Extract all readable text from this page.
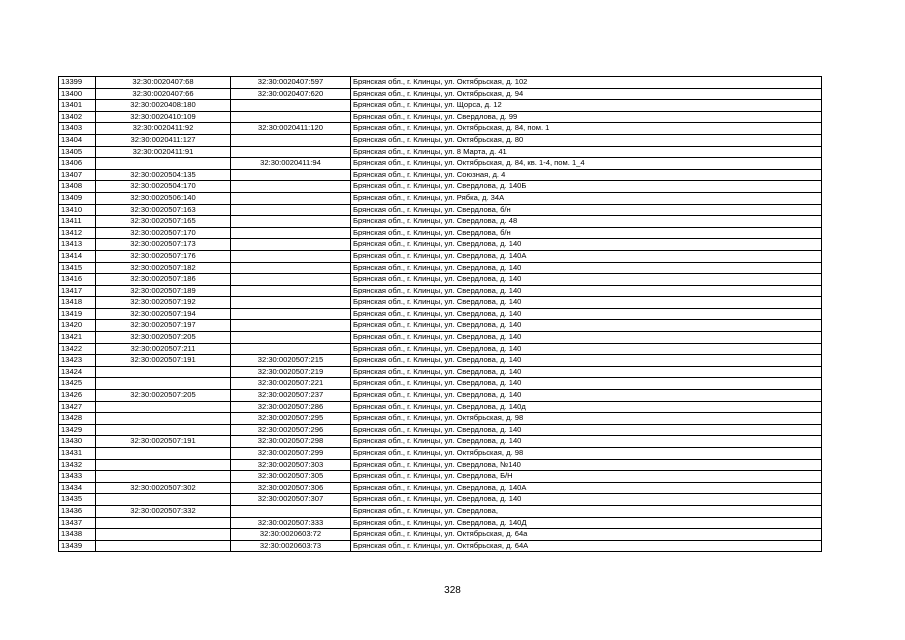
13399	32:30:0020407:68	32:30:0020407:597	Брянская обл., г. Клинцы, ул. Октябрьская, д. 102
13400	32:30:0020407:66	32:30:0020407:620	Брянская обл., г. Клинцы, ул. Октябрьская, д. 94
13401	32:30:0020408:180		Брянская обл., г. Клинцы, ул. Щорса, д. 12
13402	32:30:0020410:109		Брянская обл., г. Клинцы, ул. Свердлова, д. 99
13403	32:30:0020411:92	32:30:0020411:120	Брянская обл., г. Клинцы, ул. Октябрьская, д. 84, пом. 1
13404	32:30:0020411:127		Брянская обл., г. Клинцы, ул. Октябрьская, д. 80
13405	32:30:0020411:91		Брянская обл., г. Клинцы, ул. 8 Марта, д. 41
13406		32:30:0020411:94	Брянская обл., г. Клинцы, ул. Октябрьская, д. 84, кв. 1-4, пом. 1_4
13407	32:30:0020504:135		Брянская обл., г. Клинцы, ул. Союзная, д. 4
13408	32:30:0020504:170		Брянская обл., г. Клинцы, ул. Свердлова, д. 140Б
13409	32:30:0020506:140		Брянская обл., г. Клинцы, ул. Рябка, д. 34А
13410	32:30:0020507:163		Брянская обл., г. Клинцы, ул. Свердлова, б/н
13411	32:30:0020507:165		Брянская обл., г. Клинцы, ул. Свердлова, д. 48
13412	32:30:0020507:170		Брянская обл., г. Клинцы, ул. Свердлова, б/н
13413	32:30:0020507:173		Брянская обл., г. Клинцы, ул. Свердлова, д. 140
13414	32:30:0020507:176		Брянская обл., г. Клинцы, ул. Свердлова, д. 140А
13415	32:30:0020507:182		Брянская обл., г. Клинцы, ул. Свердлова, д. 140
13416	32:30:0020507:186		Брянская обл., г. Клинцы, ул. Свердлова, д. 140
13417	32:30:0020507:189		Брянская обл., г. Клинцы, ул. Свердлова, д. 140
13418	32:30:0020507:192		Брянская обл., г. Клинцы, ул. Свердлова, д. 140
13419	32:30:0020507:194		Брянская обл., г. Клинцы, ул. Свердлова, д. 140
13420	32:30:0020507:197		Брянская обл., г. Клинцы, ул. Свердлова, д. 140
13421	32:30:0020507:205		Брянская обл., г. Клинцы, ул. Свердлова, д. 140
13422	32:30:0020507:211		Брянская обл., г. Клинцы, ул. Свердлова, д. 140
13423	32:30:0020507:191	32:30:0020507:215	Брянская обл., г. Клинцы, ул. Свердлова, д. 140
13424		32:30:0020507:219	Брянская обл., г. Клинцы, ул. Свердлова, д. 140
13425		32:30:0020507:221	Брянская обл., г. Клинцы, ул. Свердлова, д. 140
13426	32:30:0020507:205	32:30:0020507:237	Брянская обл., г. Клинцы, ул. Свердлова, д. 140
13427		32:30:0020507:286	Брянская обл., г. Клинцы, ул. Свердлова, д. 140д
13428		32:30:0020507:295	Брянская обл., г. Клинцы, ул. Октябрьская, д. 98
13429		32:30:0020507:296	Брянская обл., г. Клинцы, ул. Свердлова, д. 140
13430	32:30:0020507:191	32:30:0020507:298	Брянская обл., г. Клинцы, ул. Свердлова, д. 140
13431		32:30:0020507:299	Брянская обл., г. Клинцы, ул. Октябрьская, д. 98
13432		32:30:0020507:303	Брянская обл., г. Клинцы, ул. Свердлова, №140
13433		32:30:0020507:305	Брянская обл., г. Клинцы, ул. Свердлова, Б/Н
13434	32:30:0020507:302	32:30:0020507:306	Брянская обл., г. Клинцы, ул. Свердлова, д. 140А
13435		32:30:0020507:307	Брянская обл., г. Клинцы, ул. Свердлова, д. 140
13436	32:30:0020507:332		Брянская обл., г. Клинцы, ул. Свердлова,
13437		32:30:0020507:333	Брянская обл., г. Клинцы, ул. Свердлова, д. 140Д
13438		32:30:0020603:72	Брянская обл., г. Клинцы, ул. Октябрьская, д. 64а
13439		32:30:0020603:73	Брянская обл., г. Клинцы, ул. Октябрьская, д. 64А
328
